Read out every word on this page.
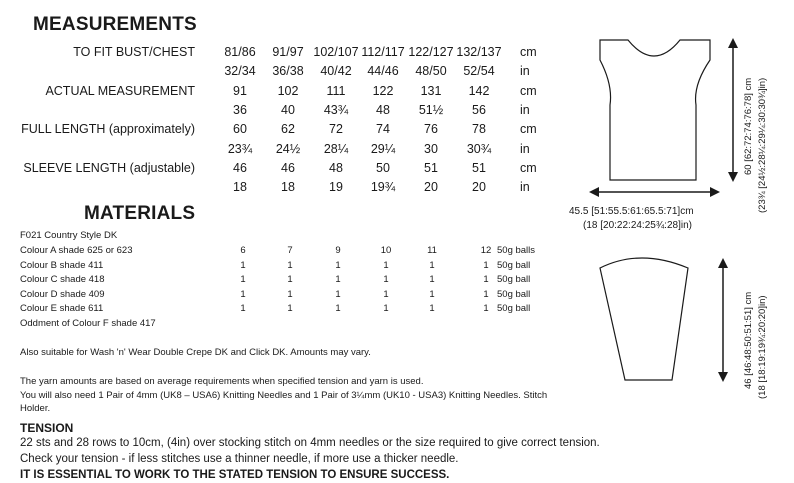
MEASUREMENTS
TO FIT BUST/CHEST	81/86	91/97 102/107 112/117 122/127 132/137 cm
32/34	36/38	40/42	44/46	48/50	52/54	in
ACTUAL MEASUREMENT	91	102	111	122	131	142	cm
36	40	43¾	48	51½	56	in
FULL LENGTH (approximately)	60	62	72	74	76	78	cm
23¾	24½	28¼	29¼	30	30¾	in
SLEEVE LENGTH (adjustable)	46	46	48	50	51	51	cm
18	18	19	19¾	20	20	in
MATERIALS
F021 Country Style DK
Colour A shade 625 or 623	6	7	9	10	11	12 50g balls
Colour B shade 411	1	1	1	1	1	1 50g ball
Colour C shade 418	1	1	1	1	1	1 50g ball
Colour D shade 409	1	1	1	1	1	1 50g ball
Colour E shade 611	1	1	1	1	1	1 50g ball
Oddment of Colour F shade 417
Also suitable for Wash 'n' Wear Double Crepe DK and Click DK. Amounts may vary.
The yarn amounts are based on average requirements when specified tension and yarn is used.
You will also need 1 Pair of 4mm (UK8 – USA6) Knitting Needles and 1 Pair of 3¼mm (UK10 - USA3) Knitting Needles. Stitch Holder.
TENSION
22 sts and 28 rows to 10cm, (4in) over stocking stitch on 4mm needles or the size required to give correct tension.
Check your tension - if less stitches use a thinner needle, if more use a thicker needle.
IT IS ESSENTIAL TO WORK TO THE STATED TENSION TO ENSURE SUCCESS.
45.5 [51:55.5:61:65.5:71]cm
(18 [20:22:24:25¾:28]in)
60 [62:72:74:76:78] cm (23¾ [24½:28¼:29¼:30:30¾]in)
46 [46:48:50:51:51] cm (18 [18:19:19¾:20:20]in)
